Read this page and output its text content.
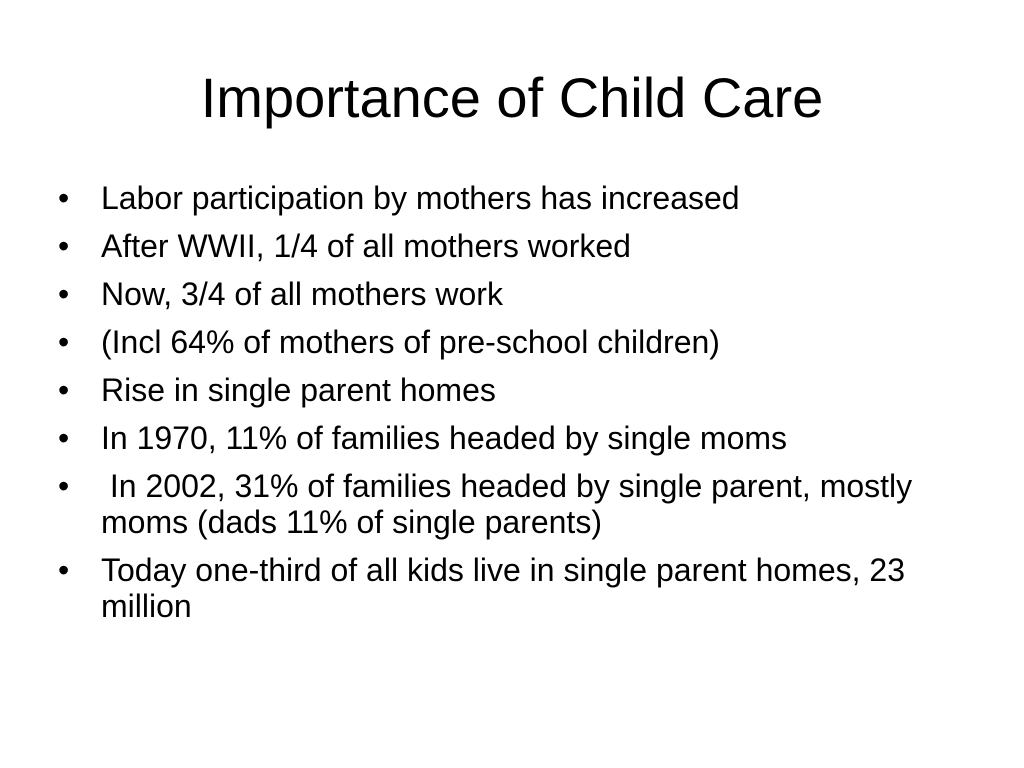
Importance of Child Care
• Labor participation by mothers has increased
• After WWII, 1/4 of all mothers worked
• Now, 3/4 of all mothers work
• (Incl 64% of mothers of pre-school children)
• Rise in single parent homes
• In 1970, 11% of families headed by single moms
• In 2002, 31% of families headed by single parent, mostly moms (dads 11% of single parents)
• Today one-third of all kids live in single parent homes, 23 million
